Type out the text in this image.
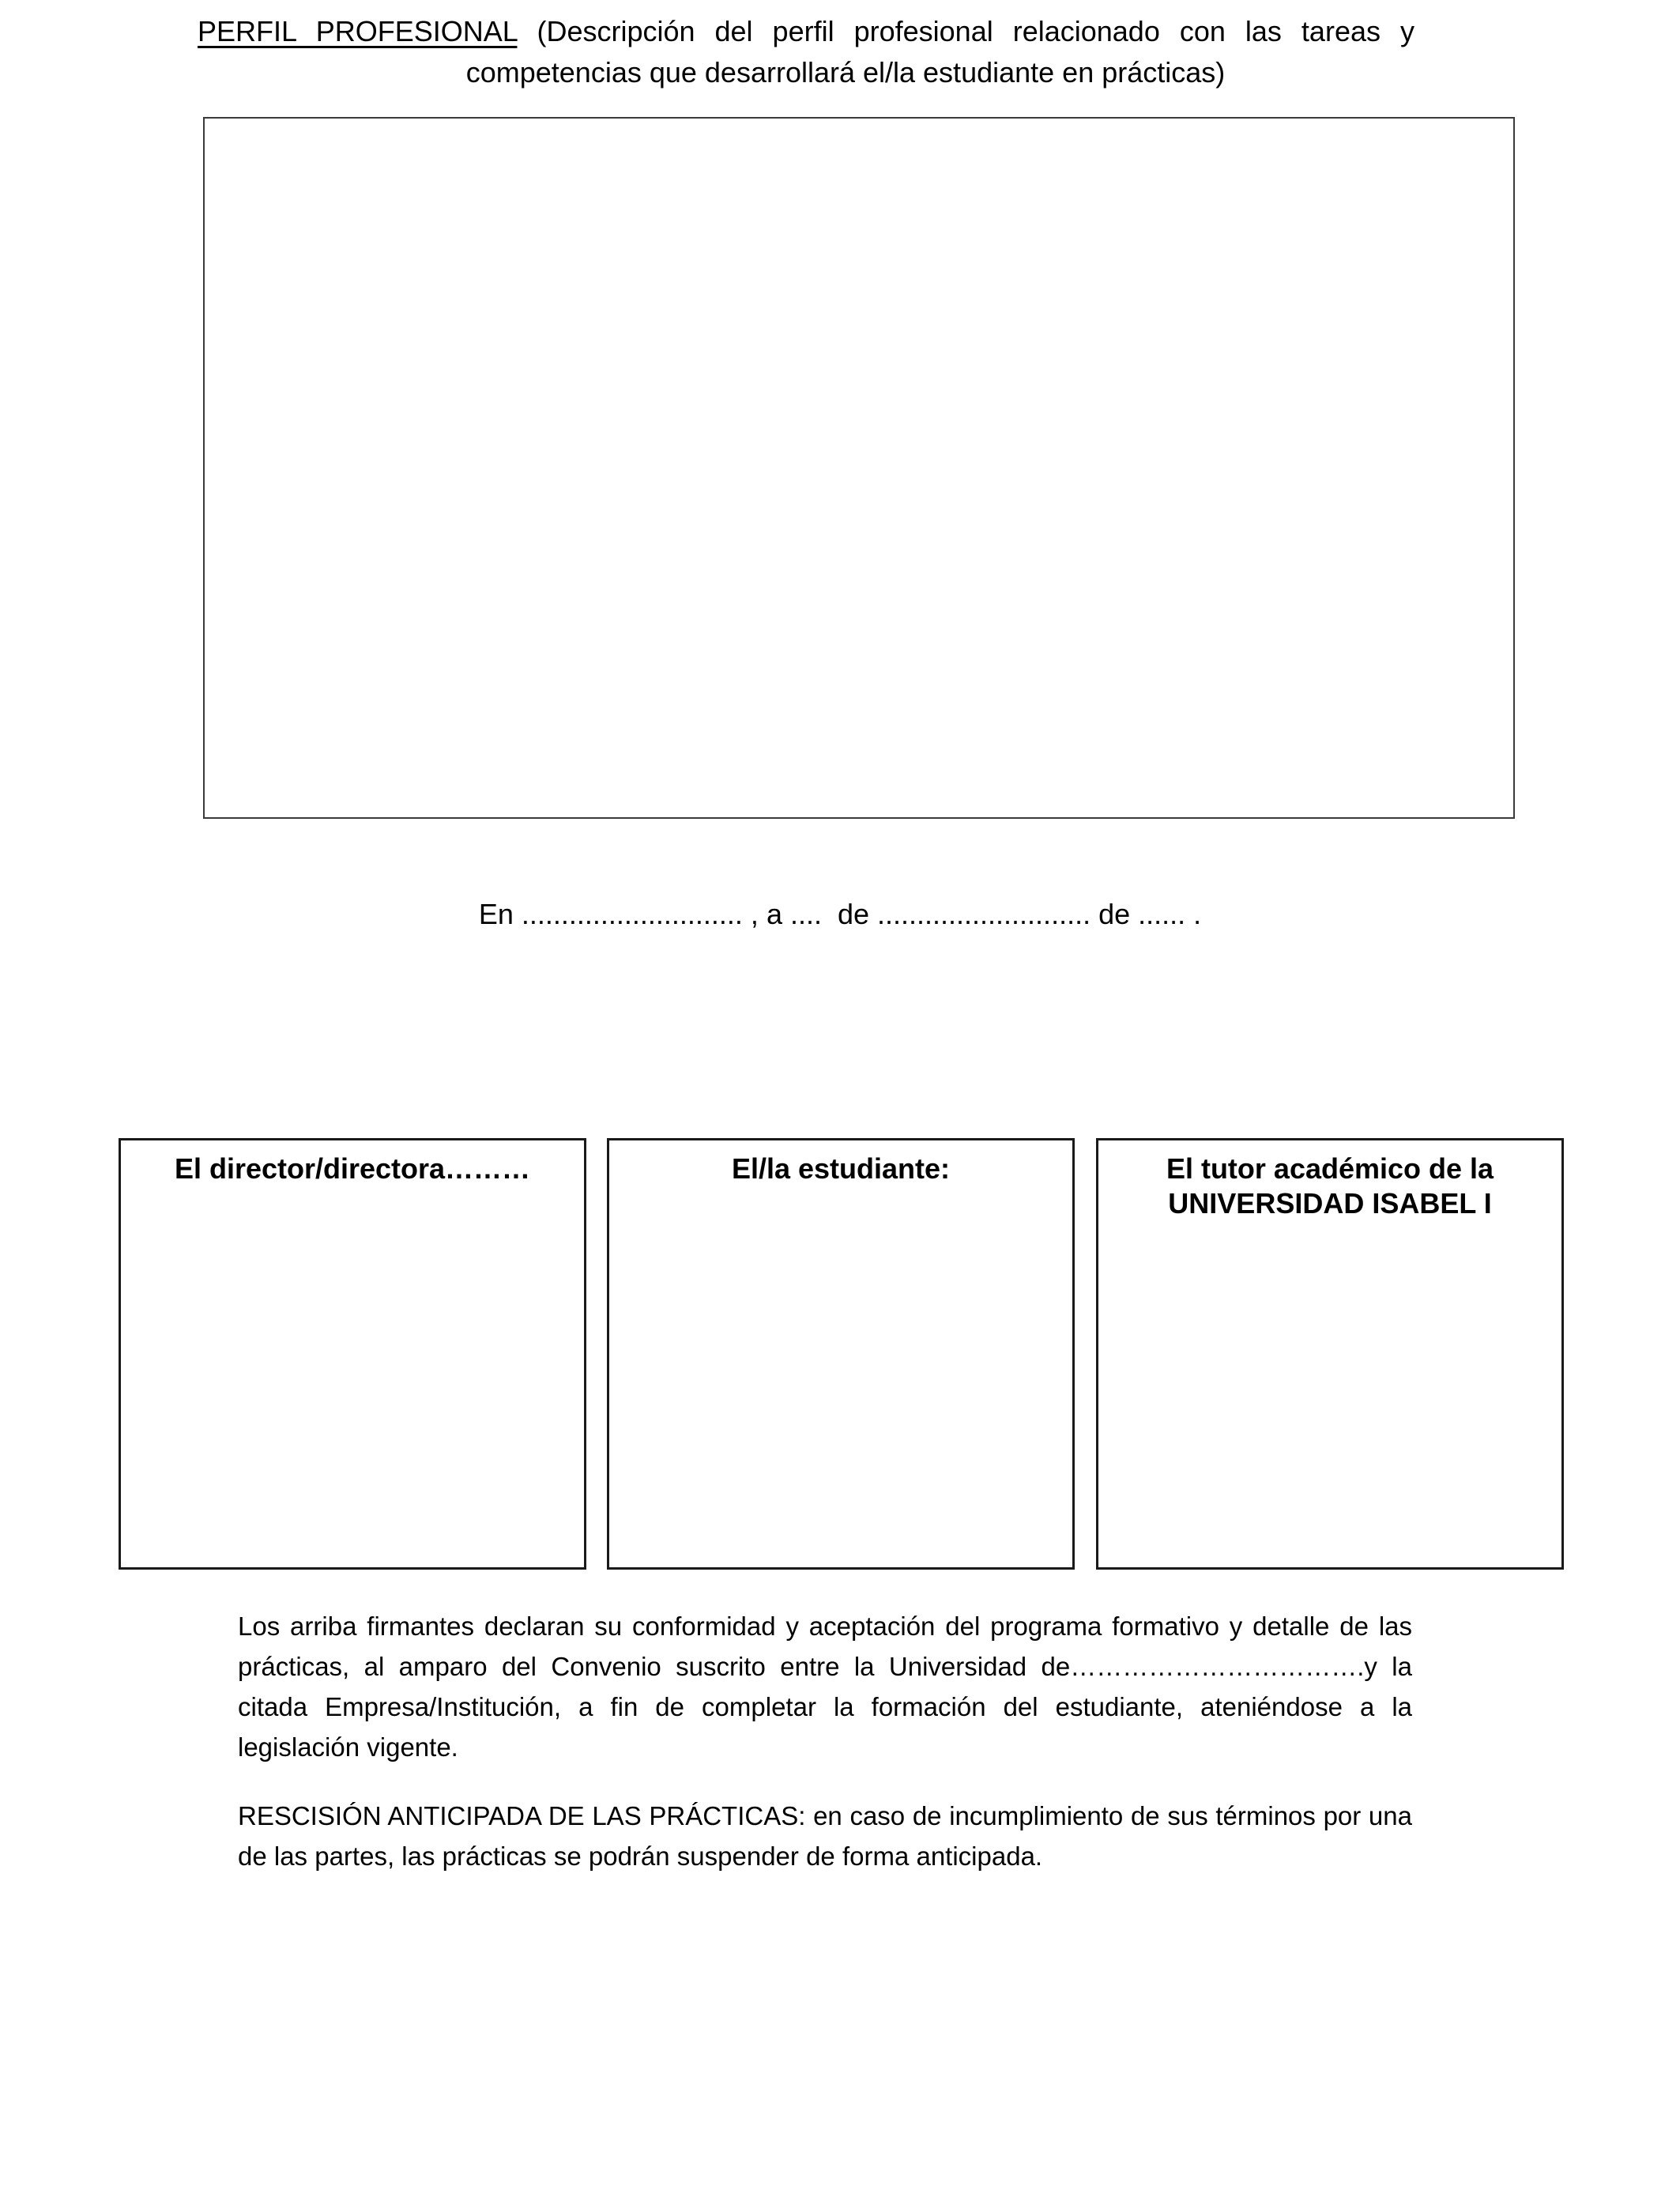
PERFIL PROFESIONAL (Descripción del perfil profesional relacionado con las tareas y
competencias que desarrollará el/la estudiante en prácticas)
En ............................ , a ....  de ........................... de ...... .
El director/directora………	El/la estudiante:	El tutor académico de la
UNIVERSIDAD ISABEL I
Los arriba firmantes declaran su conformidad y aceptación del programa formativo y detalle de las prácticas, al amparo del Convenio suscrito entre la Universidad de…………………………….y la citada Empresa/Institución, a fin de completar la formación del estudiante, ateniéndose a la legislación vigente.
RESCISIÓN ANTICIPADA DE LAS PRÁCTICAS: en caso de incumplimiento de sus términos por una de las partes, las prácticas se podrán suspender de forma anticipada.
